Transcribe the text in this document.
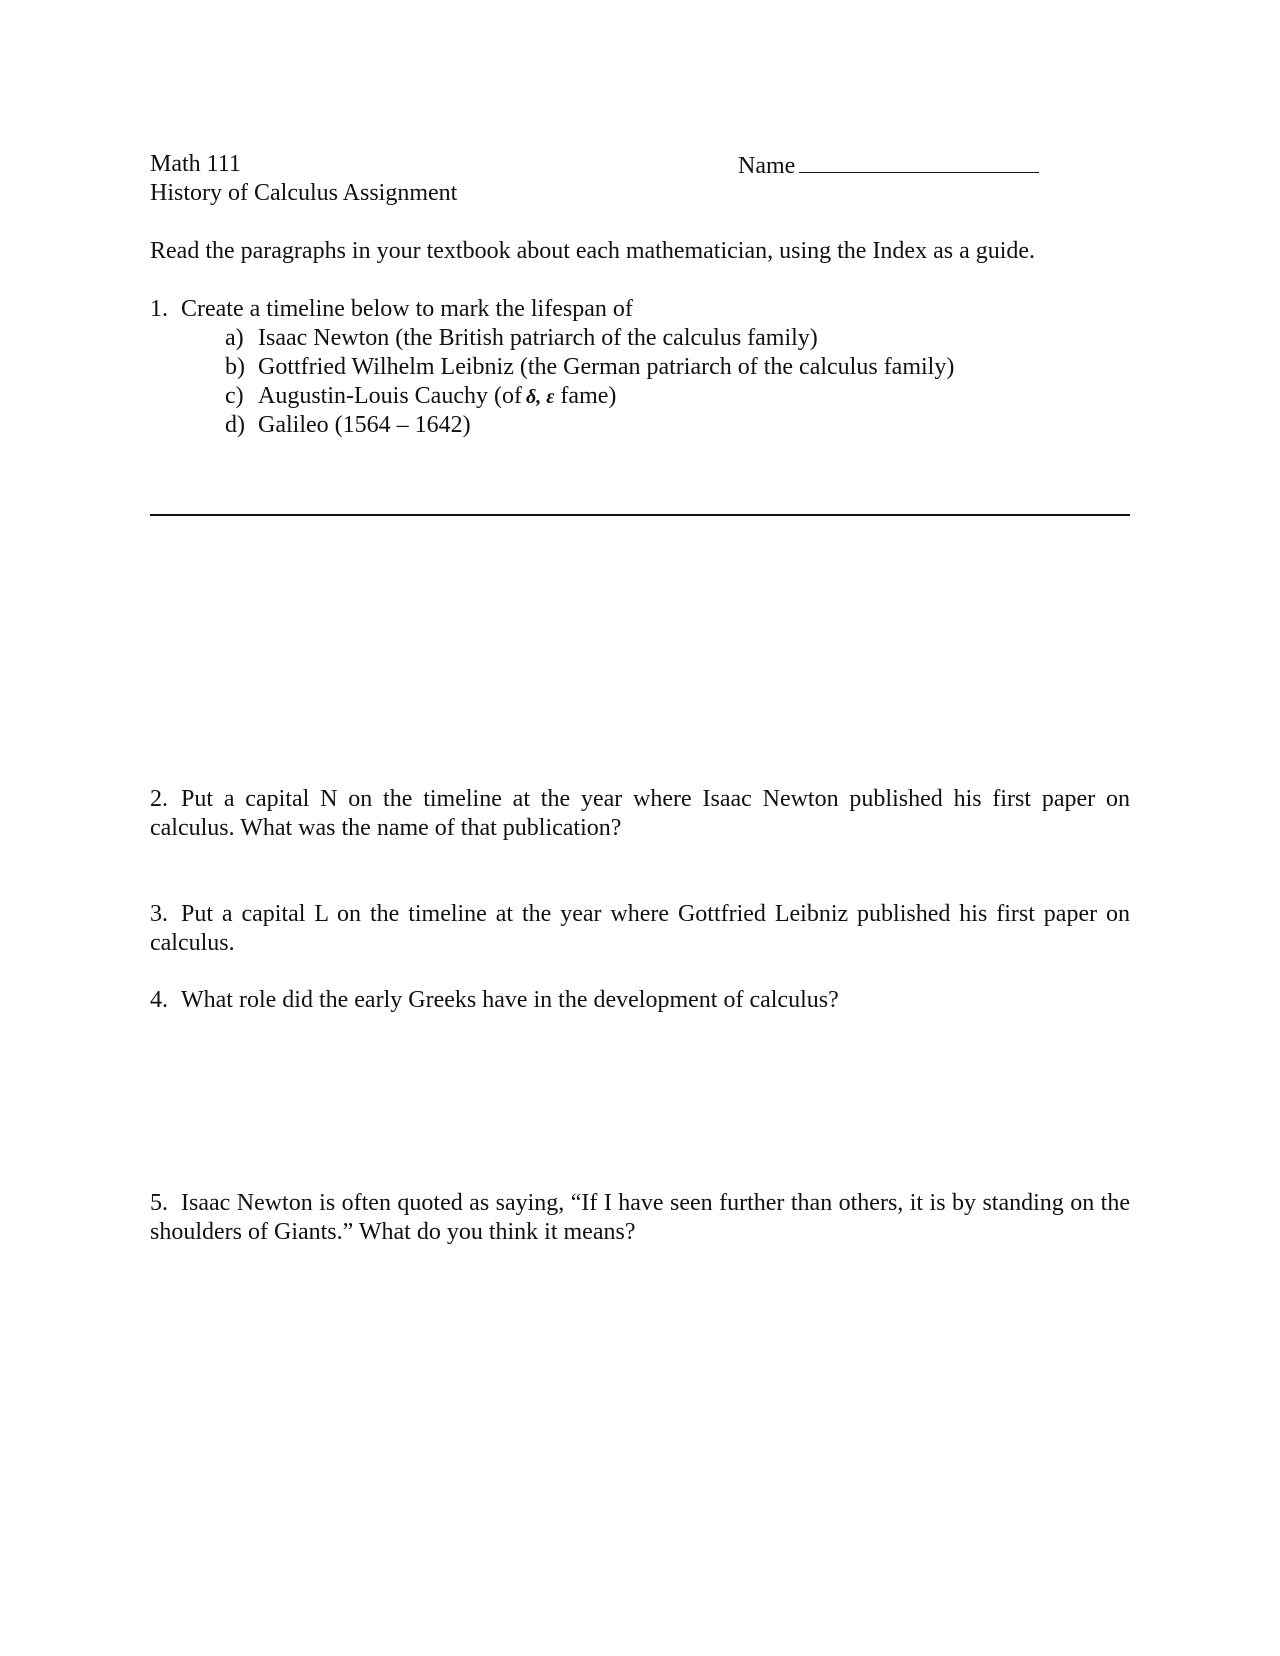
Math 111	Name
History of Calculus Assignment
Read the paragraphs in your textbook about each mathematician, using the Index as a guide.
1. Create a timeline below to mark the lifespan of
a) Isaac Newton (the British patriarch of the calculus family)
b) Gottfried Wilhelm Leibniz (the German patriarch of the calculus family)
c) Augustin-Louis Cauchy (of δ, ε fame)
d) Galileo (1564 – 1642)
2. Put a capital N on the timeline at the year where Isaac Newton published his first paper on calculus. What was the name of that publication?
3. Put a capital L on the timeline at the year where Gottfried Leibniz published his first paper on calculus.
4. What role did the early Greeks have in the development of calculus?
5. Isaac Newton is often quoted as saying, “If I have seen further than others, it is by standing on the shoulders of Giants.” What do you think it means?
